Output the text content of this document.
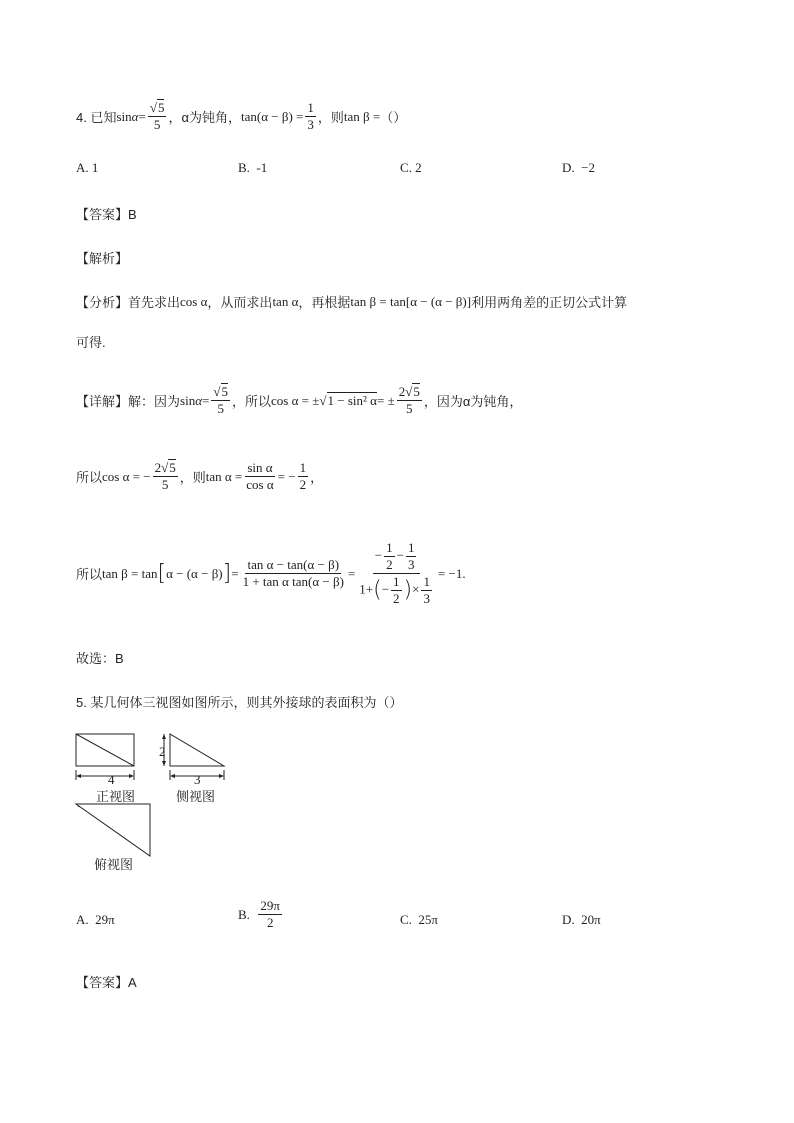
4. 已知 $\sin \alpha = \frac{√5}{5}$ ，α为钝角， $\tan(\alpha - \beta) = \frac{1}{3}$ ，则 tan β = （）
A. 1	B. -1	C. 2	D. −2
【答案】B
【解析】
【分析】 首先求出 cos α ，从而求出 tan α ，再根据 tan β = tan[α − (α − β)] 利用两角差的正切公式计算
可得.
【详解】 解：因为 $\sin \alpha = \frac{√5}{5}$ ，所以 cos α = ± √1 − sin² α = ± $\frac{2√5}{5}$ ，因为α为钝角，
所以 cos α = − $\frac{2√5}{5}$ ，则 $\tan \alpha = \frac{\text{sin α}}{\text{cos α}}$ = − $\frac{1}{2}$ ，
所以 tan β = tan [ α − (α − β) ] = $\frac{\text{tan α − tan(α − β)}}{\text{1 + tan α tan(α − β)}} = \frac{- \frac{1}{2} - \frac{1}{3}}{1+(- \frac{1}{2} )\times \frac{1}{3}} = -1$.
故选：B
5. 某几何体三视图如图所示，则其外接球的表面积为（）
4
2
3
正视图	侧视图
俯视图
A. 29π	B.
$\frac{29\pi}{2}$	C. 25π	D. 20π
【答案】A
